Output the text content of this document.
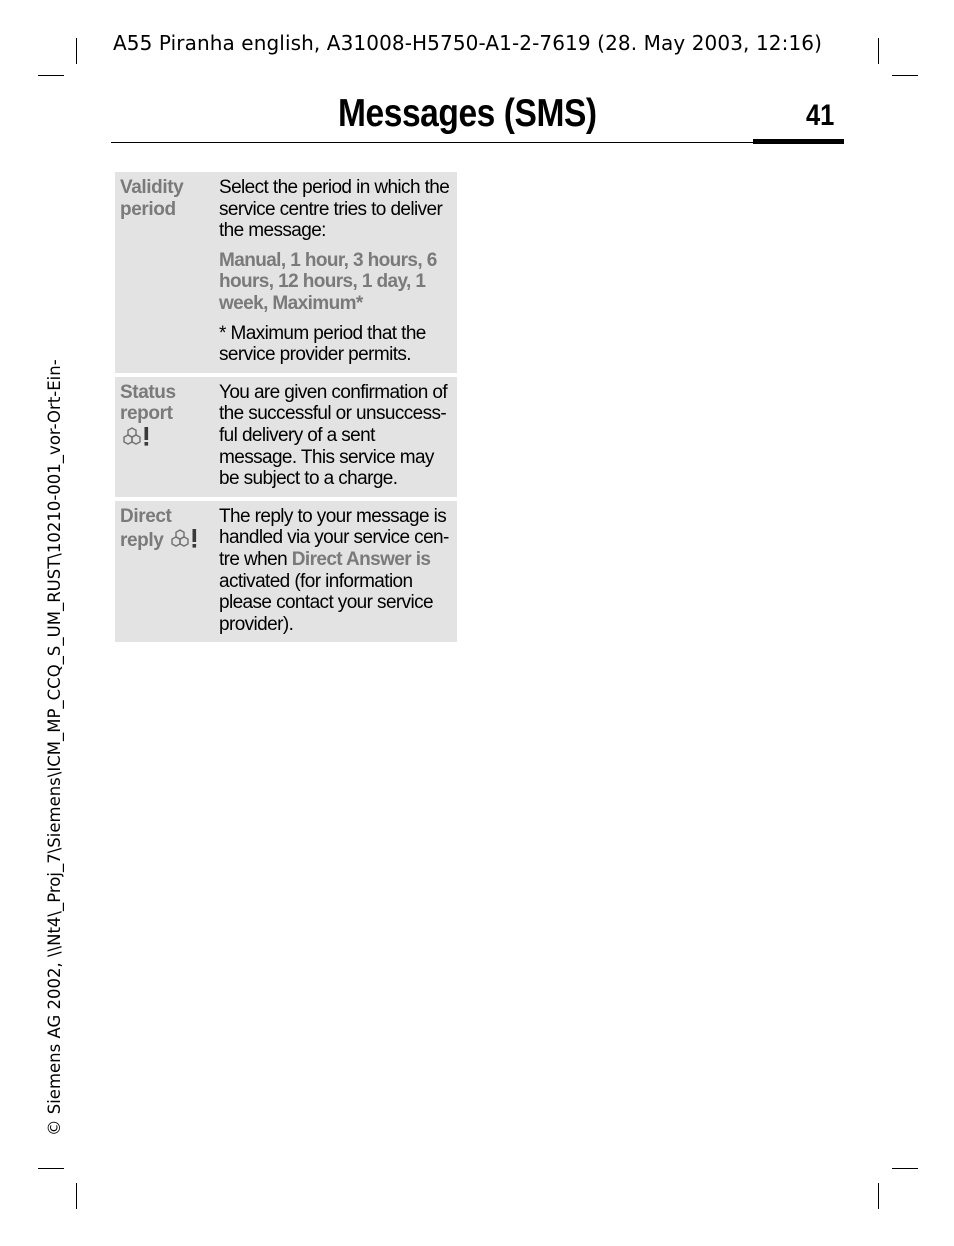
A55 Piranha english, A31008-H5750-A1-2-7619 (28. May 2003, 12:16)
© Siemens AG 2002, \\Nt4\_Proj_7\Siemens\ICM_MP_CCQ_S_UM_RUST\10210-001_vor-Ort-Ein-
Messages (SMS)	41
Validity period

Select the period in which the service centre tries to deliver the message:

Manual, 1 hour, 3 hours, 6 hours, 12 hours, 1 day, 1 week, Maximum*

* Maximum period that the service provider permits.

Status report

You are given confirmation of the successful or unsuccess-ful delivery of a sent message. This service may be subject to a charge.

Direct reply

The reply to your message is handled via your service cen-tre when Direct Answer is activated (for information please contact your service provider).
